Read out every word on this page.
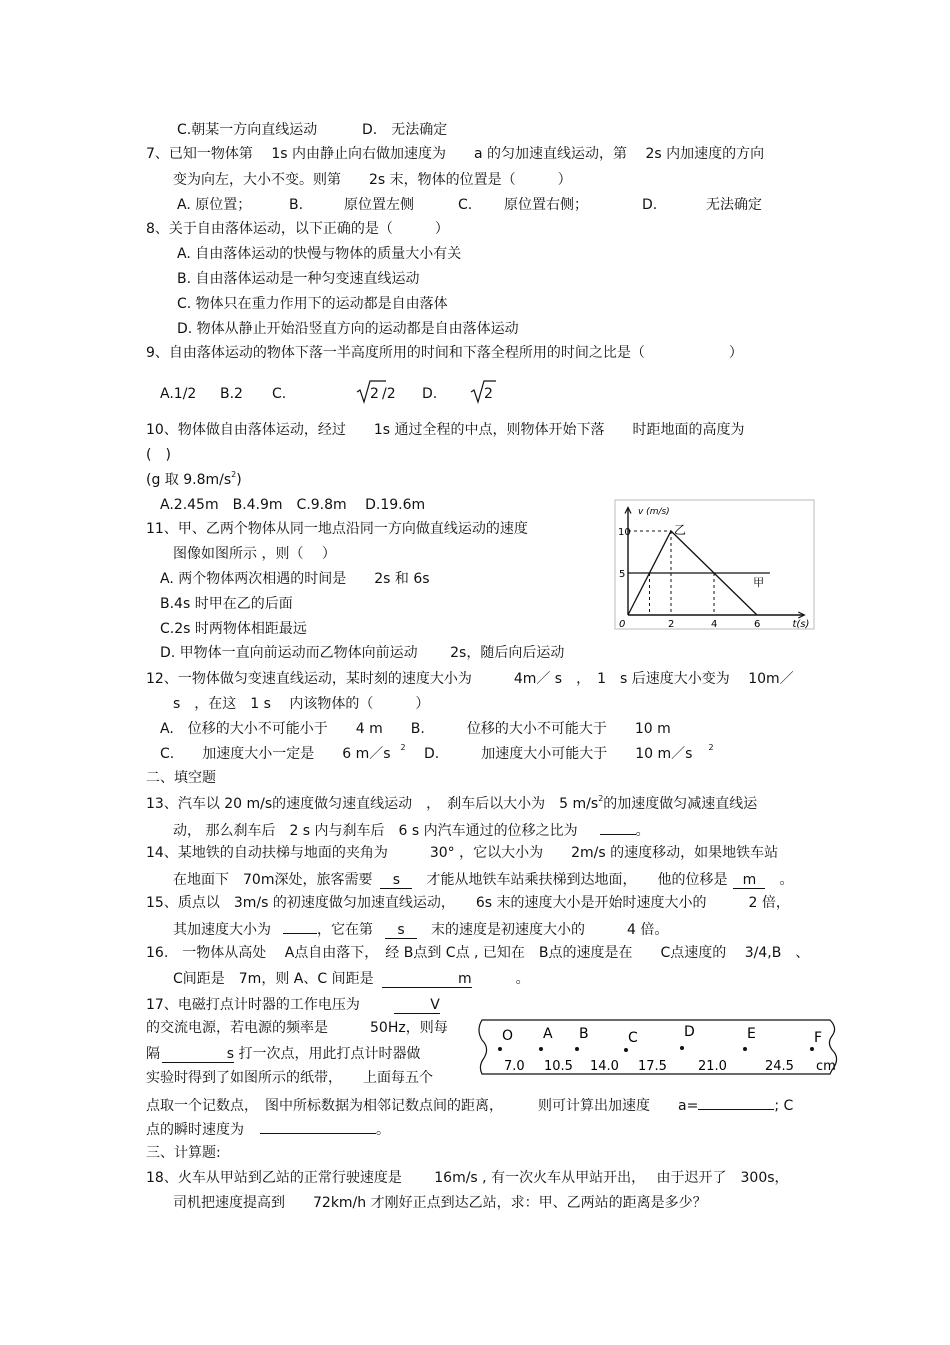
C.朝某一方向直线运动	D.　无法确定
7、已知一物体第　 1s 内由静止向右做加速度为　　a 的匀加速直线运动，第　 2s 内加速度的方向
变为向左，大小不变。则第　　2s 末，物体的位置是（　　　）
A. 原位置；	B.	原位置左侧	C. 原位置右侧；	D.	无法确定
8、关于自由落体运动，以下正确的是（　　　）
A. 自由落体运动的快慢与物体的质量大小有关
B. 自由落体运动是一种匀变速直线运动
C. 物体只在重力作用下的运动都是自由落体
D. 物体从静止开始沿竖直方向的运动都是自由落体运动
9、自由落体运动的物体下落一半高度所用的时间和下落全程所用的时间之比是（　　　　　　）
A.1/2 B.2 C.	2 /2 D.	2
10、物体做自由落体运动，经过　　1s 通过全程的中点，则物体开始下落　　时距地面的高度为
(　)
(g 取 $9.8m/s^2$)
A.2.45m　B.4.9m　C.9.8m　 D.19.6m
11、甲、乙两个物体从同一地点沿同一方向做直线运动的速度
图像如图所示 ，则（　 ）
A. 两个物体两次相遇的时间是　　2s 和 6s
B.4s 时甲在乙的后面
C.2s 时两物体相距最远
D. 甲物体一直向前运动而乙物体向前运动　　 2s，随后向后运动
v (m/s)
t(s)
10
5
0	2	4	6
乙
甲
12、一物体做匀变速直线运动，某时刻的速度大小为　　　4m／ s　，　1　s 后速度大小变为　 10m／
s　，在这　1 s　 内该物体的（　　　）
A.　位移的大小不可能小于　　4 m　　B.　　　位移的大小不可能大于　　10 m
C.　　加速度大小一定是　　6 m／s $^2$ D.　　　加速度大小可能大于　　10 m／s $^2$
二、填空题
13、汽车以 20 m/s的速度做匀速直线运动　，　刹车后以大小为　5 $m/s^2$的加速度做匀减速直线运
动， 那么刹车后　2 s 内与刹车后　6 s 内汽车通过的位移之比为	。
14、某地铁的自动扶梯与地面的夹角为　　　30° ，它以大小为　　2m/s 的速度移动，如果地铁车站
在地面下　70m深处，旅客需要 s　才能从地铁车站乘扶梯到达地面，　　他的位移是 m　。
15、质点以　3m/s 的初速度做匀加速直线运动，　　6s 末的速度大小是开始时速度大小的　　　2 倍，
其加速度大小为	，它在第 s　末的速度是初速度大小的　　　4 倍。
16.　一物体从高处　 A点自由落下，　经 B点到 C点 , 已知在　B点的速度是在　　C点速度的　 3/4,B　、
C间距是　7m，则 A、C 间距是	m　。
17、电磁打点计时器的工作电压为	V
的交流电源，若电源的频率是　　　50Hz，则每
隔	s 打一次点，用此打点计时器做
实验时得到了如图所示的纸带，　　上面每五个
点取一个记数点，　图中所标数据为相邻记数点间的距离，　　　则可计算出加速度　　a=	; C
点的瞬时速度为	。
O A B	C	D	E	F
7.0 10.5 14.0 17.5 21.0	24.5 cm
三、计算题:
18、火车从甲站到乙站的正常行驶速度是　　 16m/s , 有一次火车从甲站开出，　 由于迟开了　300s，
司机把速度提高到　　72km/h 才刚好正点到达乙站，求：甲、乙两站的距离是多少？
